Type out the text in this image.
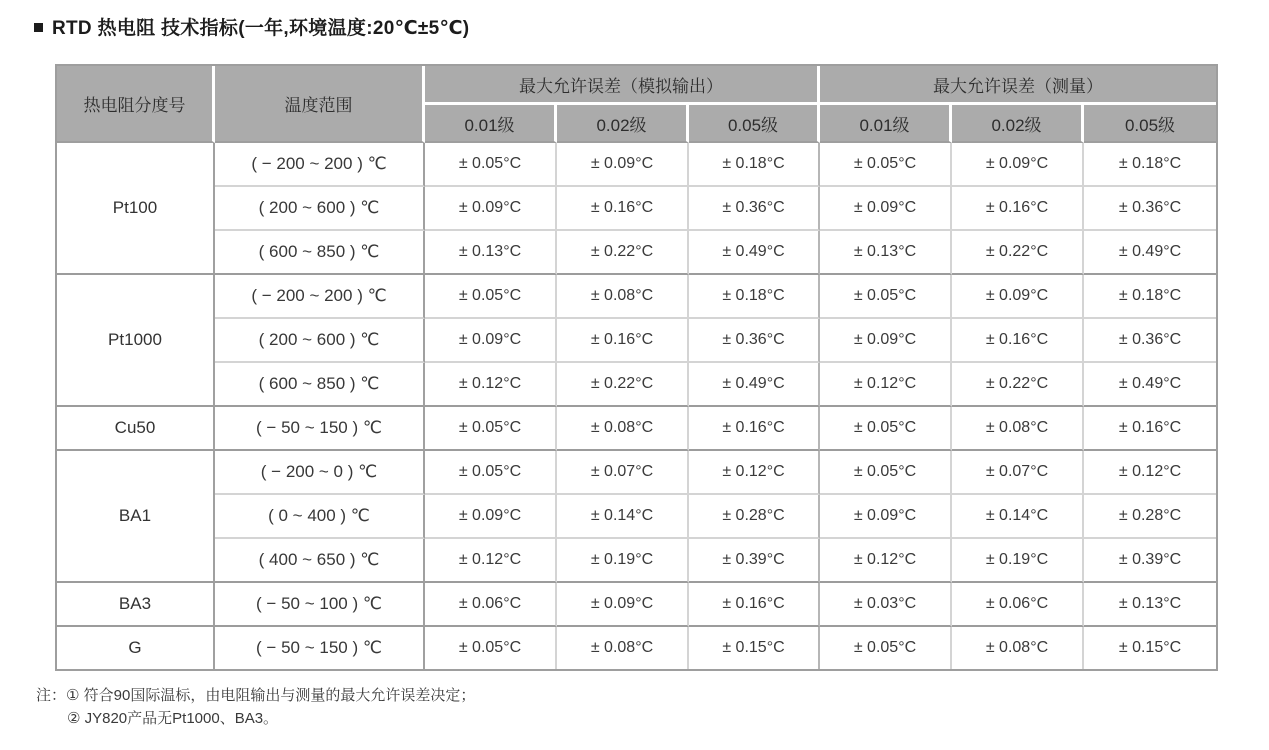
RTD 热电阻 技术指标(一年,环境温度:20℃±5℃)
热电阻分度号	温度范围	最大允许误差（模拟输出）			最大允许误差（测量）		
		0.01级	0.02级	0.05级	0.01级	0.02级	0.05级
Pt100	( − 200 ~ 200 ) ℃	± 0.05°C	± 0.09°C	± 0.18°C	± 0.05°C	± 0.09°C	± 0.18°C
	( 200 ~ 600 ) ℃	± 0.09°C	± 0.16°C	± 0.36°C	± 0.09°C	± 0.16°C	± 0.36°C
	( 600 ~ 850 ) ℃	± 0.13°C	± 0.22°C	± 0.49°C	± 0.13°C	± 0.22°C	± 0.49°C
Pt1000	( − 200 ~ 200 ) ℃	± 0.05°C	± 0.08°C	± 0.18°C	± 0.05°C	± 0.09°C	± 0.18°C
	( 200 ~ 600 ) ℃	± 0.09°C	± 0.16°C	± 0.36°C	± 0.09°C	± 0.16°C	± 0.36°C
	( 600 ~ 850 ) ℃	± 0.12°C	± 0.22°C	± 0.49°C	± 0.12°C	± 0.22°C	± 0.49°C
Cu50	( − 50 ~ 150 ) ℃	± 0.05°C	± 0.08°C	± 0.16°C	± 0.05°C	± 0.08°C	± 0.16°C
BA1	( − 200 ~ 0 ) ℃	± 0.05°C	± 0.07°C	± 0.12°C	± 0.05°C	± 0.07°C	± 0.12°C
	( 0 ~ 400 ) ℃	± 0.09°C	± 0.14°C	± 0.28°C	± 0.09°C	± 0.14°C	± 0.28°C
	( 400 ~ 650 ) ℃	± 0.12°C	± 0.19°C	± 0.39°C	± 0.12°C	± 0.19°C	± 0.39°C
BA3	( − 50 ~ 100 ) ℃	± 0.06°C	± 0.09°C	± 0.16°C	± 0.03°C	± 0.06°C	± 0.13°C
G	( − 50 ~ 150 ) ℃	± 0.05°C	± 0.08°C	± 0.15°C	± 0.05°C	± 0.08°C	± 0.15°C
注：① 符合90国际温标，由电阻输出与测量的最大允许误差决定；
② JY820产品无Pt1000、BA3。
